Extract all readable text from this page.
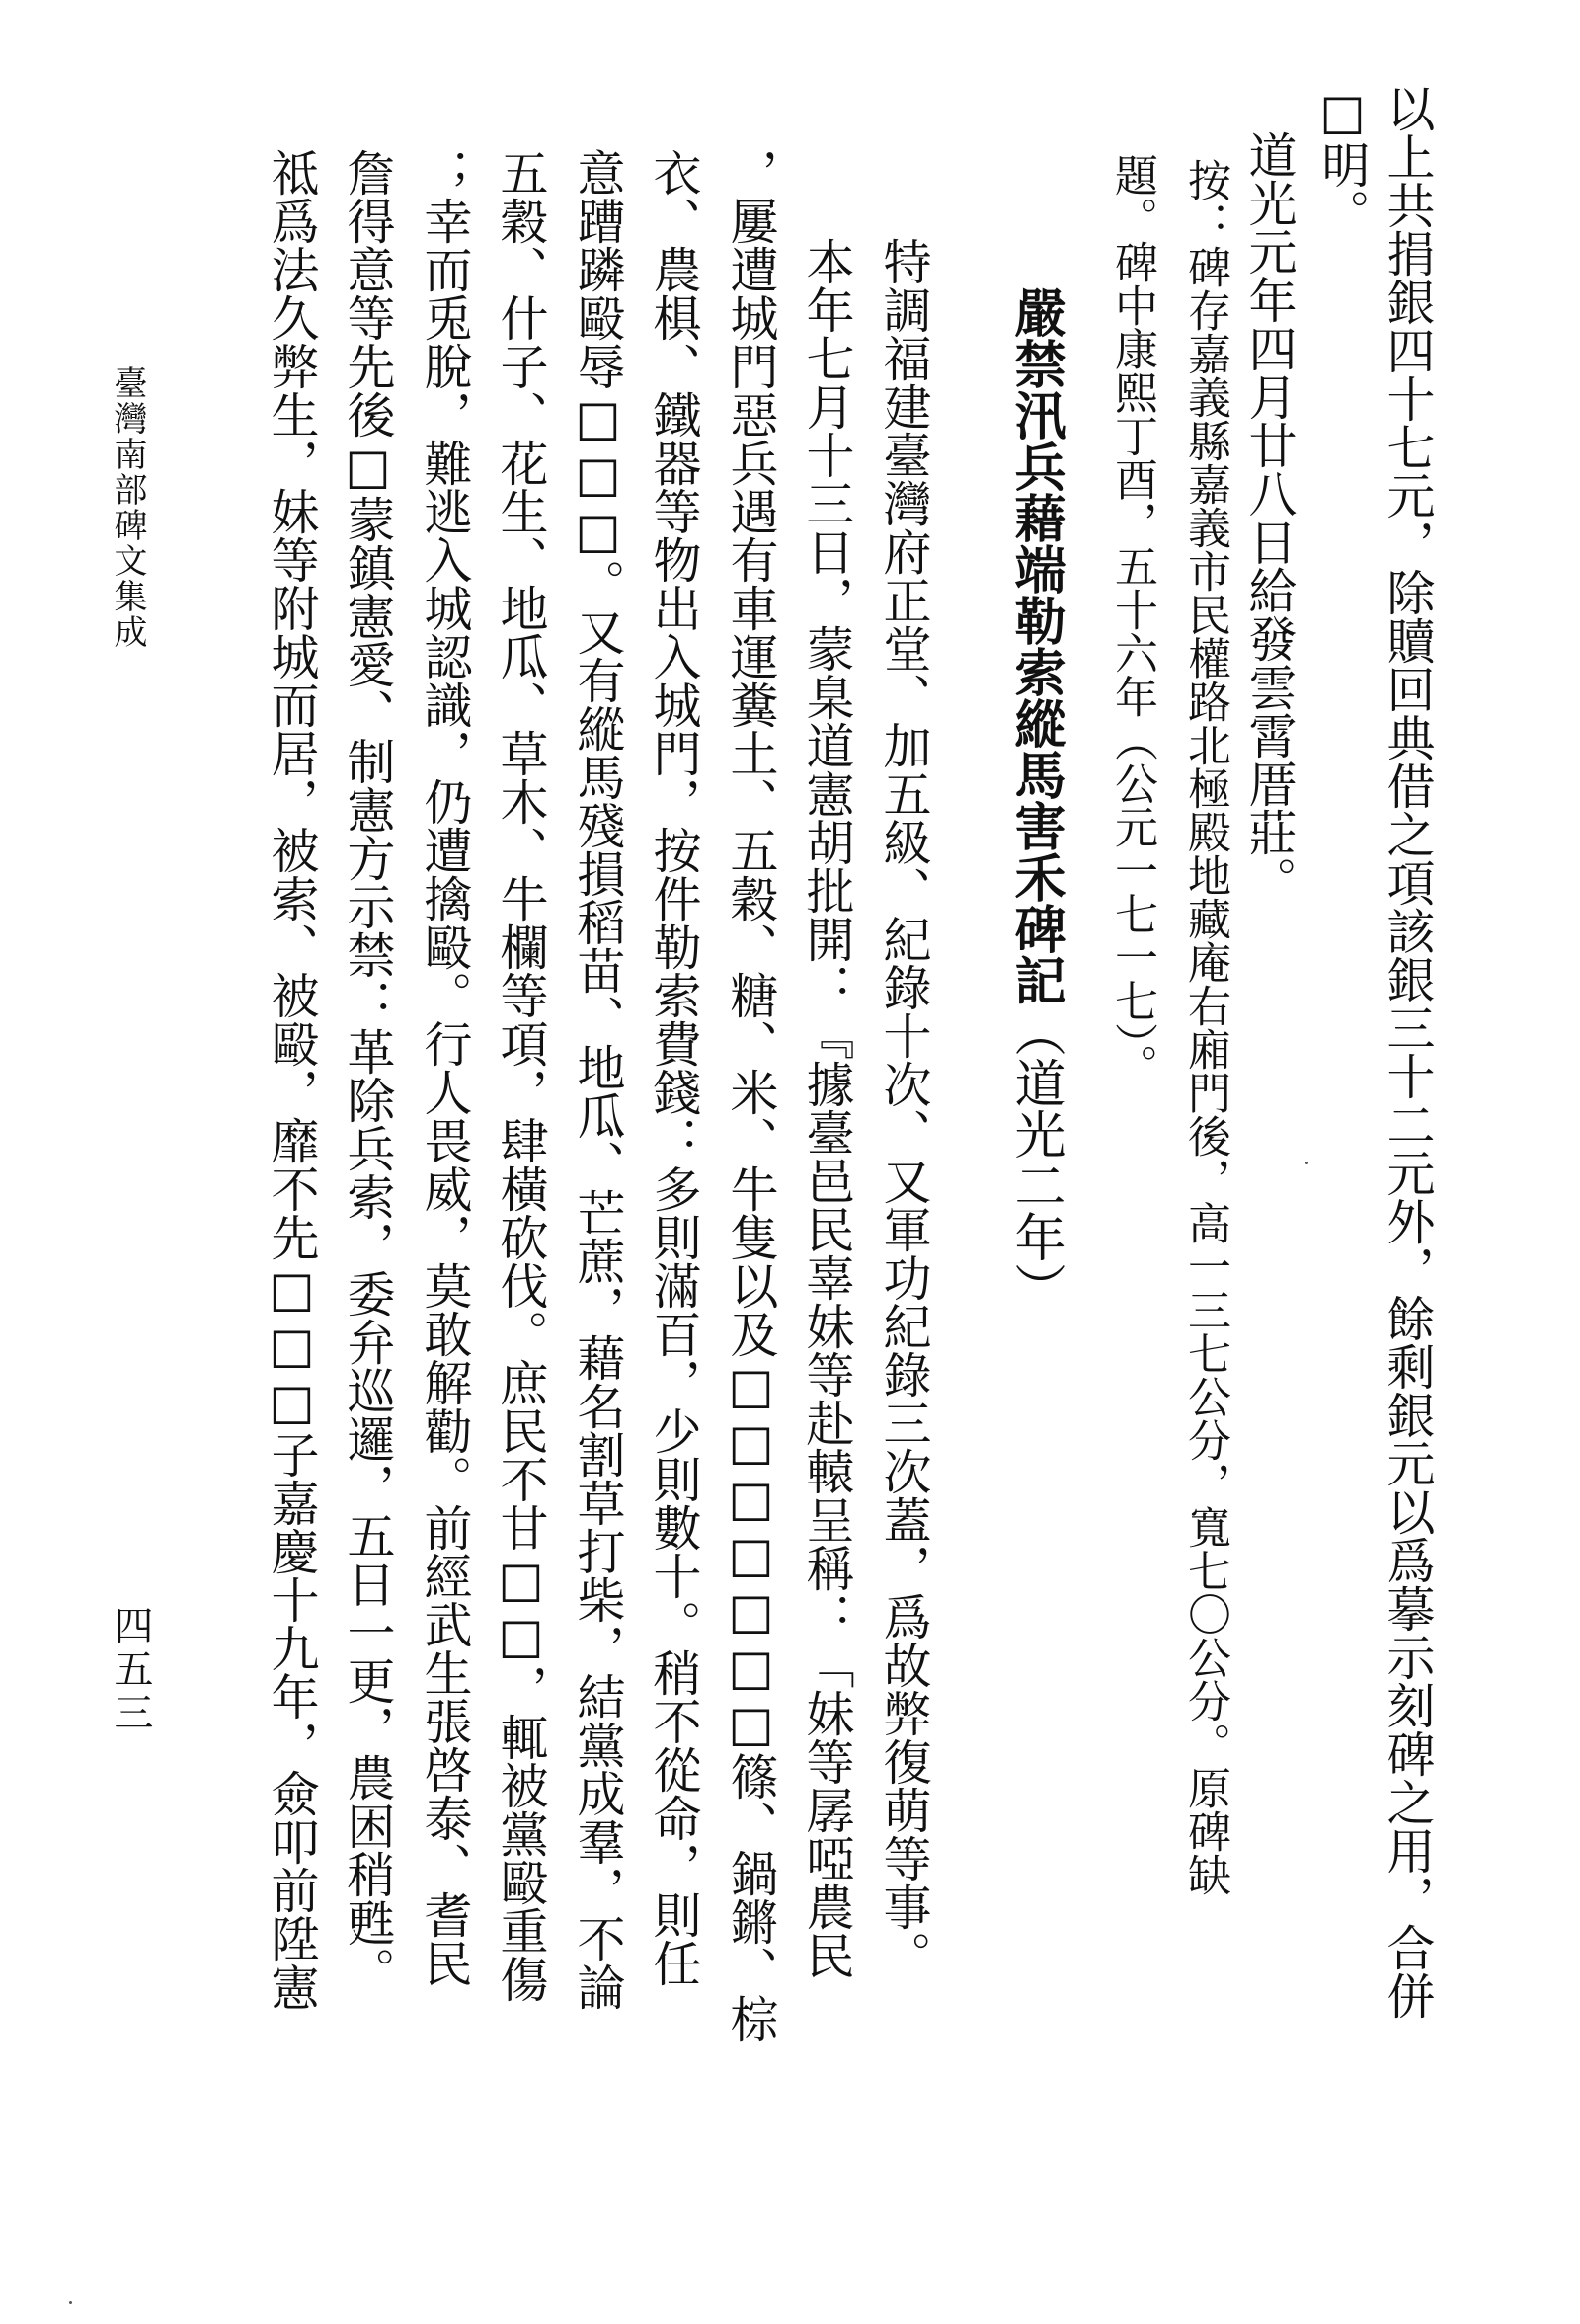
以上共捐銀四十七元，除贖回典借之項該銀三十二元外，餘剩銀元以爲摹示刻碑之用，合併
□明。
道光元年四月廿八日給發雲霄厝莊。
按：碑存嘉義縣嘉義市民權路北極殿地藏庵右廂門後，高一三七公分，寬七〇公分。原碑缺
題。碑中康熙丁酉，五十六年（公元一七一七）。
嚴禁汛兵藉端勒索縱馬害禾碑記（道光二年）
特調福建臺灣府正堂、加五級、紀錄十次、又軍功紀錄三次蓋，爲故弊復萌等事。
本年七月十三日，蒙臬道憲胡批開：『據臺邑民辜妹等赴轅呈稱：「妹等孱啞農民
，屢遭城門惡兵遇有車運糞土、五穀、糖、米、牛隻以及□□□□□□□篠、鍋鏘、棕
衣、農椇、鐵器等物出入城門，按件勒索費錢：多則滿百，少則數十。稍不從命，則任
意蹧蹸毆辱□□□。又有縱馬殘損稻苗、地瓜、芒蔗，藉名割草打柴，結黨成羣，不論
五穀、什子、花生、地瓜、草木、牛欄等項，肆橫砍伐。庶民不甘□□，輒被黨毆重傷
；幸而兎脫，難逃入城認識，仍遭擒毆。行人畏威，莫敢解勸。前經武生張啓泰、耆民
詹得意等先後□蒙鎮憲愛、制憲方示禁：革除兵索，委弁巡邏，五日一更，農困稍甦。
祗爲法久弊生，妹等附城而居，被索、被毆，靡不先□□□子嘉慶十九年，僉叩前陞憲
臺灣南部碑文集成
四五三
